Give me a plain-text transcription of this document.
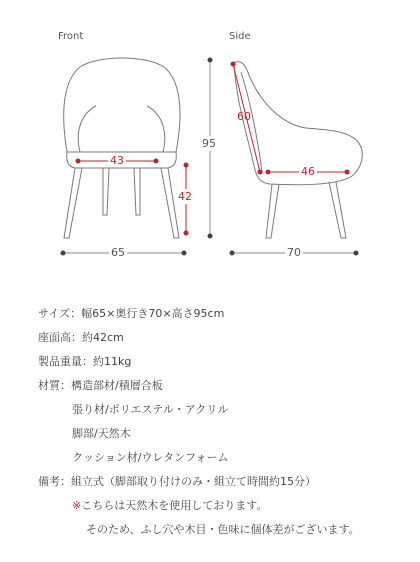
Front	Side
43
42
65
95
60
46
70
サイズ：幅65×奥行き70×高さ95cm
座面高：約42cm
製品重量：約11kg
材質：構造部材/積層合板
張り材/ポリエステル・アクリル
脚部/天然木
クッション材/ウレタンフォーム
備考：組立式（脚部取り付けのみ・組立て時間約15分）
※こちらは天然木を使用しております。
そのため、ふし穴や木目・色味に個体差がございます。
